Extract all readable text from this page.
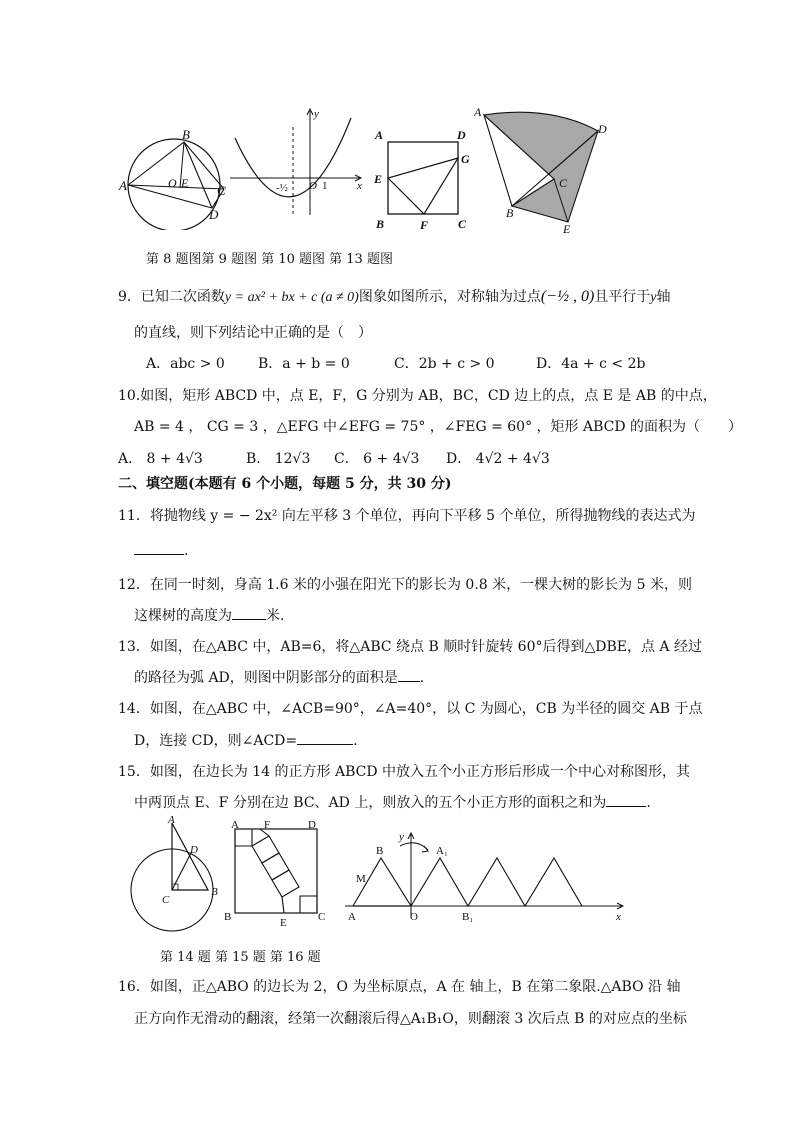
A
B
O E C
D
y
x
O 1
-½
A	D
G
E
B	F C
A
D
C
B
E
第 8 题图第 9 题图 第 10 题图 第 13 题图
9．已知二次函数y = ax² + bx + c (a ≠ 0)图象如图所示，对称轴为过点(−½ , 0)且平行于y轴
的直线，则下列结论中正确的是（　）
A．abc > 0 B．a + b = 0	C．2b + c > 0	D．4a + c < 2b
10.如图，矩形 ABCD 中，点 E，F，G 分别为 AB，BC，CD 边上的点，点 E 是 AB 的中点，
AB = 4 ， CG = 3 ，△EFG 中∠EFG = 75° ，∠FEG = 60° ，矩形 ABCD 的面积为（　　）
A． 8 + 4√3	B． 12√3 C． 6 + 4√3 D． 4√2 + 4√3
二、填空题(本题有 6 个小题，每题 5 分，共 30 分)
11．将抛物线 y = − 2x² 向左平移 3 个单位，再向下平移 5 个单位，所得抛物线的表达式为
.
12．在同一时刻，身高 1.6 米的小强在阳光下的影长为 0.8 米，一棵大树的影长为 5 米，则
这棵树的高度为 米．
13．如图，在△ABC 中，AB=6，将△ABC 绕点 B 顺时针旋转 60°后得到△DBE，点 A 经过
的路径为弧 AD，则图中阴影部分的面积是 .
14．如图，在△ABC 中，∠ACB=90°，∠A=40°，以 C 为圆心，CB 为半径的圆交 AB 于点
D，连接 CD，则∠ACD=	.
15．如图，在边长为 14 的正方形 ABCD 中放入五个小正方形后形成一个中心对称图形，其
中两顶点 E、F 分别在边 BC、AD 上，则放入的五个小正方形的面积之和为	.
A
D
C
B
A F	D
B	E	C
y
B	A₁
M
A	O	B₁	x
第 14 题 第 15 题 第 16 题
16．如图，正△ABO 的边长为 2，O 为坐标原点，A 在 轴上，B 在第二象限.△ABO 沿 轴
正方向作无滑动的翻滚，经第一次翻滚后得△A₁B₁O，则翻滚 3 次后点 B 的对应点的坐标
